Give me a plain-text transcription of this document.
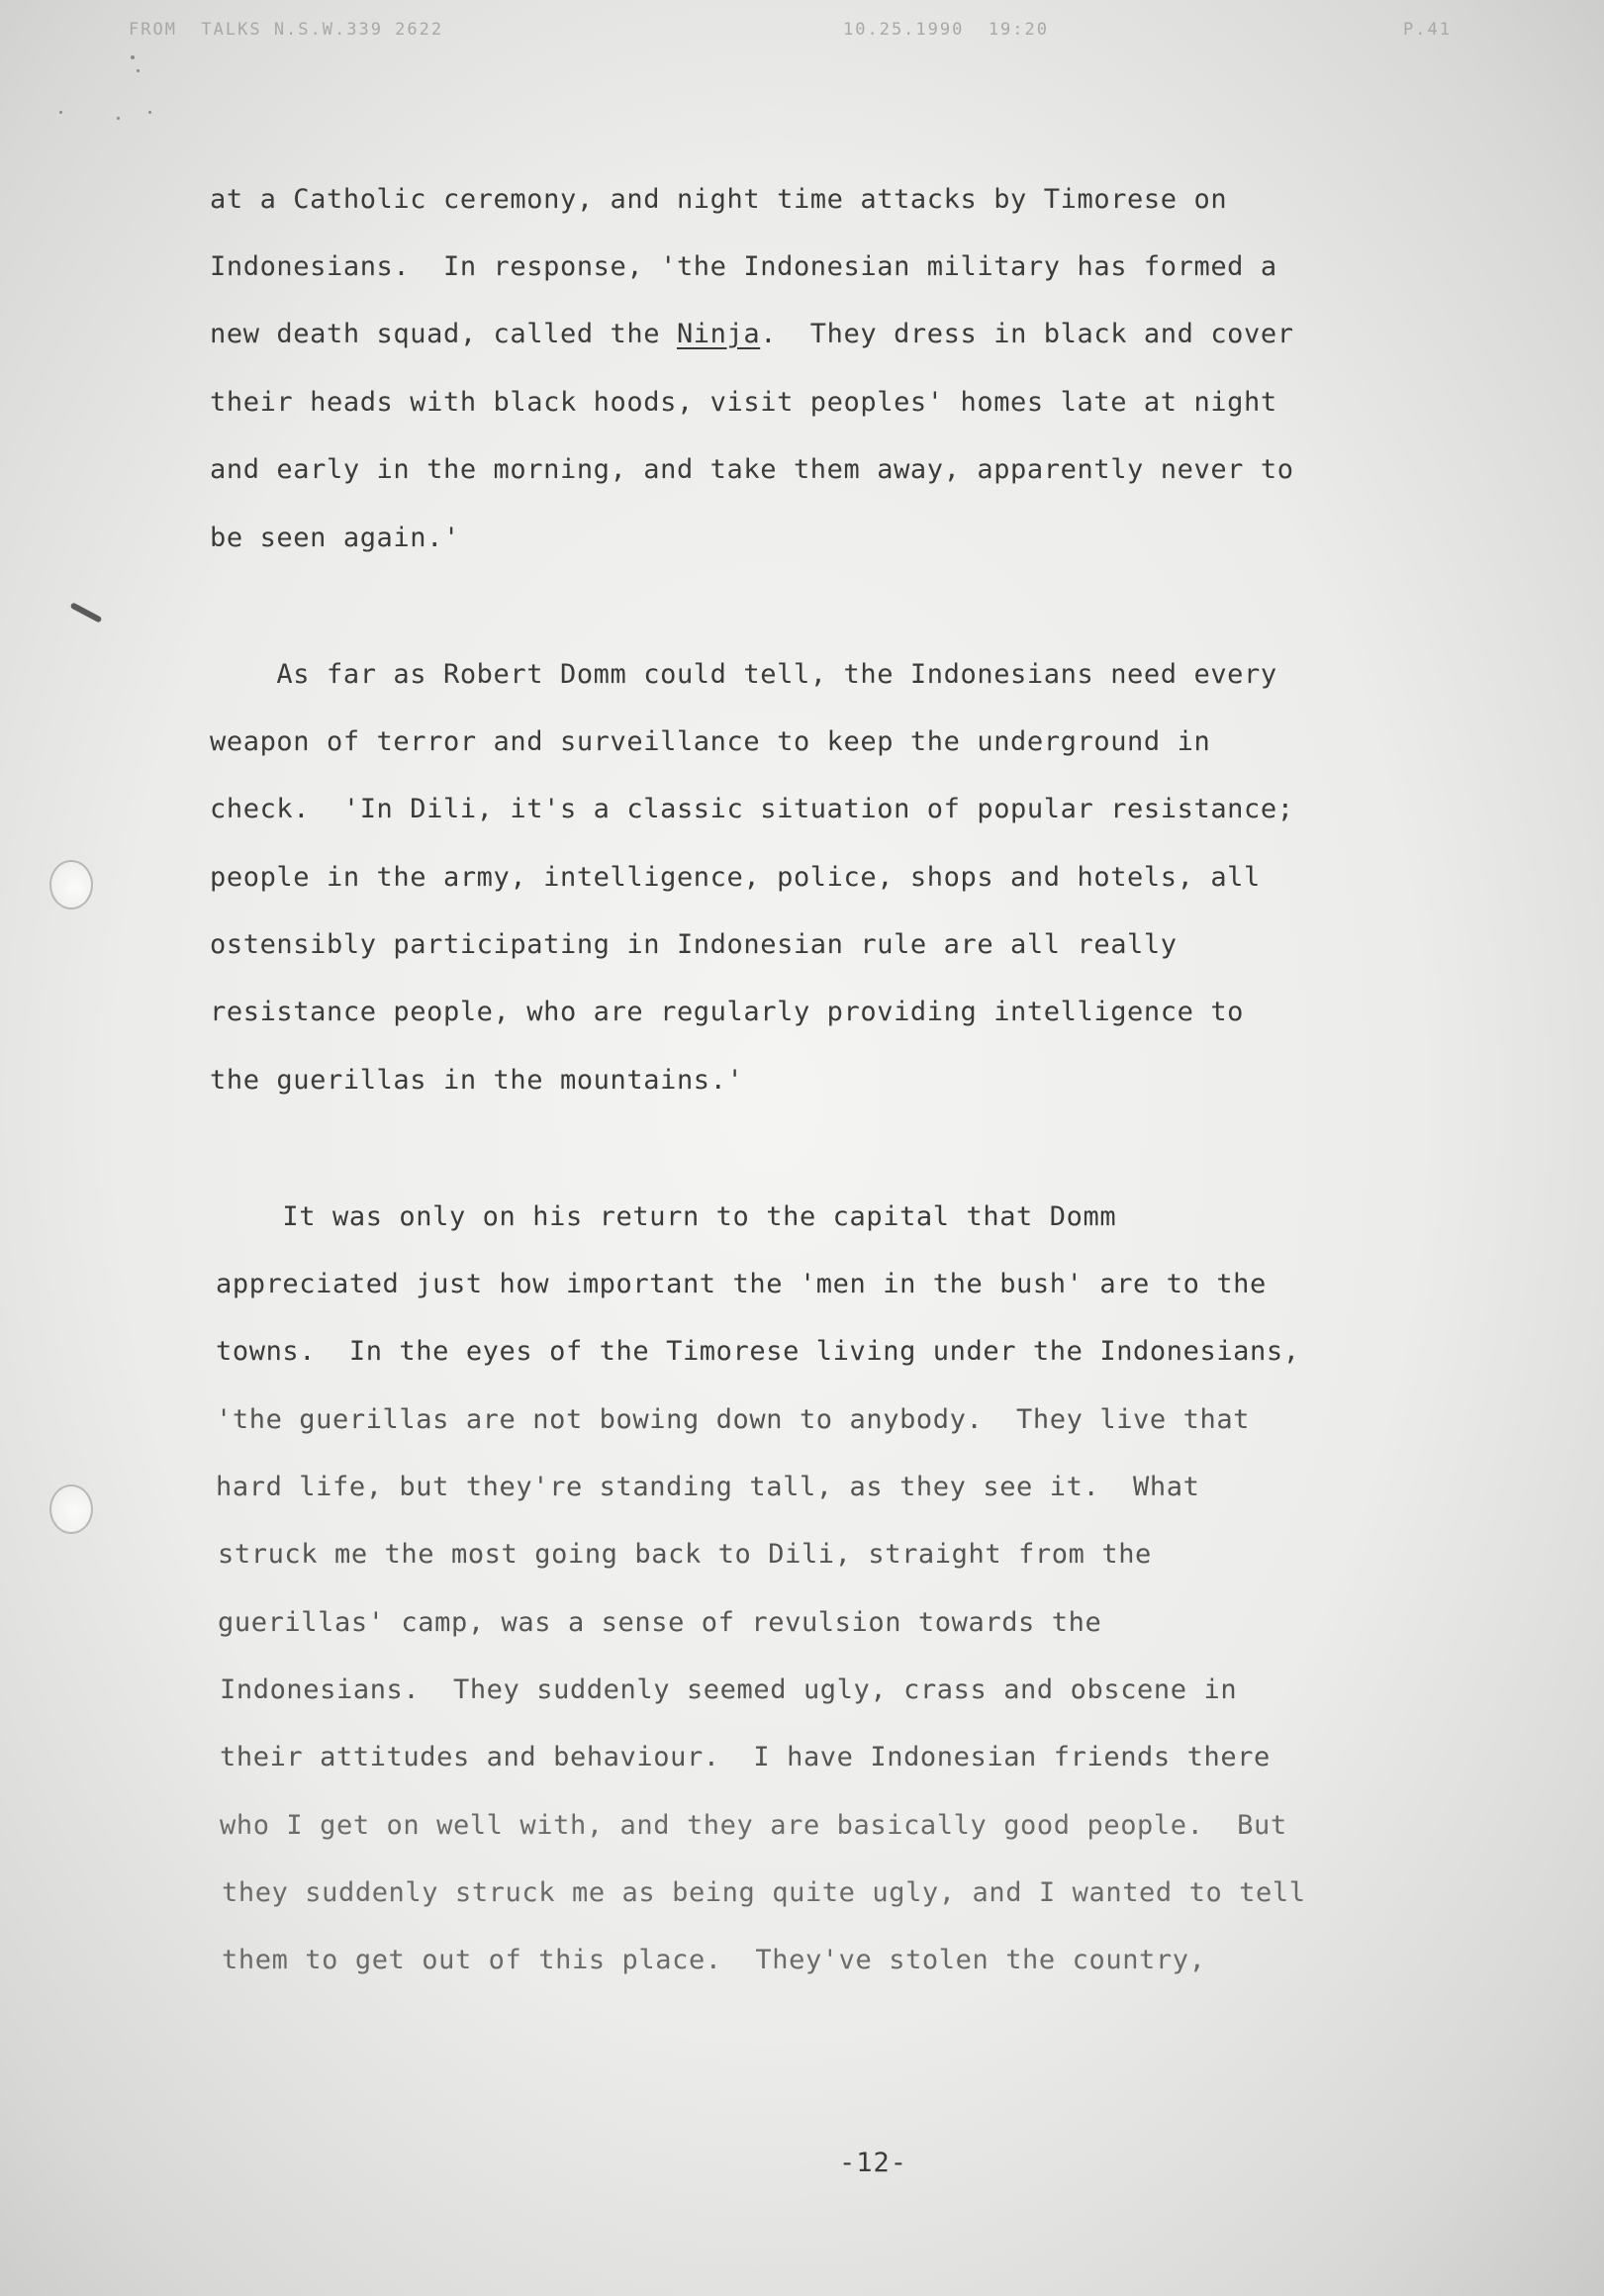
FROM  TALKS N.S.W.339 2622	10.25.1990  19:20	P.41
at a Catholic ceremony, and night time attacks by Timorese on
Indonesians.  In response, 'the Indonesian military has formed a
new death squad, called the Ninja.  They dress in black and cover
their heads with black hoods, visit peoples' homes late at night
and early in the morning, and take them away, apparently never to
be seen again.'
As far as Robert Domm could tell, the Indonesians need every
weapon of terror and surveillance to keep the underground in
check.  'In Dili, it's a classic situation of popular resistance;
people in the army, intelligence, police, shops and hotels, all
ostensibly participating in Indonesian rule are all really
resistance people, who are regularly providing intelligence to
the guerillas in the mountains.'
It was only on his return to the capital that Domm
appreciated just how important the 'men in the bush' are to the
towns.  In the eyes of the Timorese living under the Indonesians,
'the guerillas are not bowing down to anybody.  They live that
hard life, but they're standing tall, as they see it.  What
struck me the most going back to Dili, straight from the
guerillas' camp, was a sense of revulsion towards the
Indonesians.  They suddenly seemed ugly, crass and obscene in
their attitudes and behaviour.  I have Indonesian friends there
who I get on well with, and they are basically good people.  But
they suddenly struck me as being quite ugly, and I wanted to tell
them to get out of this place.  They've stolen the country,
-12-
